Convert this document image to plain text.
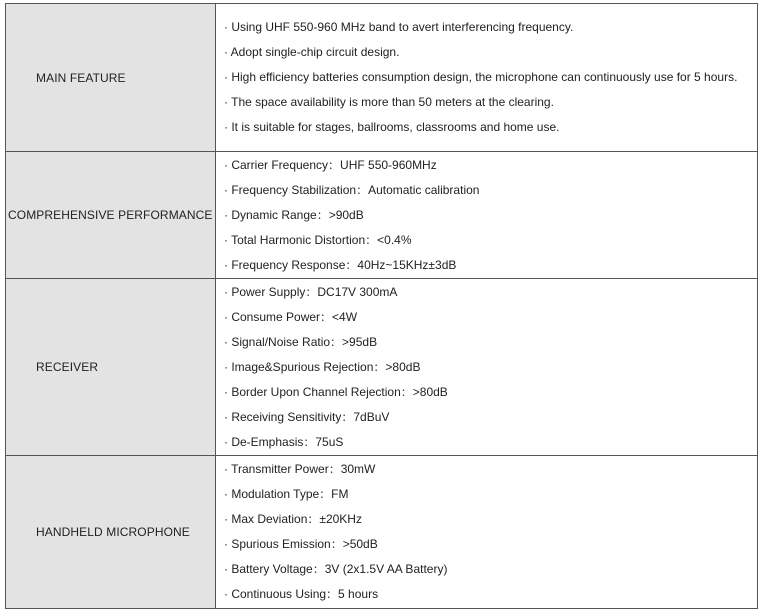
MAIN FEATURE
· Using UHF 550-960 MHz band to avert interferencing frequency.
· Adopt single-chip circuit design.
· High efficiency batteries consumption design, the microphone can continuously use for 5 hours.
· The space availability is more than 50 meters at the clearing.
· It is suitable for stages, ballrooms, classrooms and home use.
COMPREHENSIVE PERFORMANCE
· Carrier Frequency：UHF 550-960MHz
· Frequency Stabilization：Automatic calibration
· Dynamic Range：>90dB
· Total Harmonic Distortion：<0.4%
· Frequency Response：40Hz~15KHz±3dB
RECEIVER
· Power Supply：DC17V 300mA
· Consume Power：<4W
· Signal/Noise Ratio：>95dB
· Image&Spurious Rejection：>80dB
· Border Upon Channel Rejection：>80dB
· Receiving Sensitivity：7dBuV
· De-Emphasis：75uS
HANDHELD MICROPHONE
· Transmitter Power：30mW
· Modulation Type：FM
· Max Deviation：±20KHz
· Spurious Emission：>50dB
· Battery Voltage：3V (2x1.5V AA Battery)
· Continuous Using：5 hours
